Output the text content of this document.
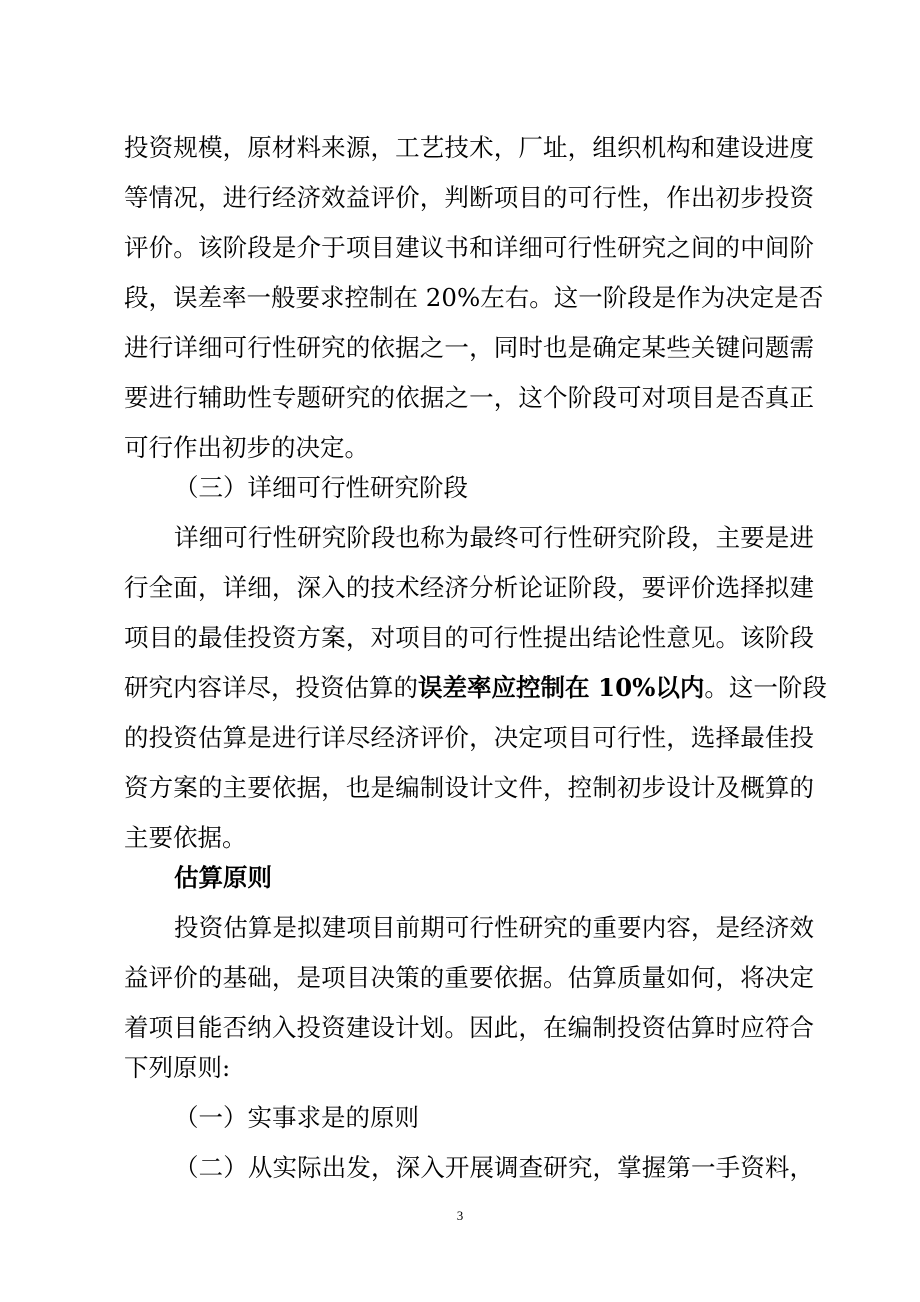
投资规模，原材料来源，工艺技术，厂址，组织机构和建设进度
等情况，进行经济效益评价，判断项目的可行性，作出初步投资
评价。该阶段是介于项目建议书和详细可行性研究之间的中间阶
段，误差率一般要求控制在 20%左右。这一阶段是作为决定是否
进行详细可行性研究的依据之一，同时也是确定某些关键问题需
要进行辅助性专题研究的依据之一，这个阶段可对项目是否真正
可行作出初步的决定。
（三）详细可行性研究阶段
详细可行性研究阶段也称为最终可行性研究阶段，主要是进
行全面，详细，深入的技术经济分析论证阶段，要评价选择拟建
项目的最佳投资方案，对项目的可行性提出结论性意见。该阶段
研究内容详尽，投资估算的误差率应控制在 10%以内。这一阶段
的投资估算是进行详尽经济评价，决定项目可行性，选择最佳投
资方案的主要依据，也是编制设计文件，控制初步设计及概算的
主要依据。
估算原则
投资估算是拟建项目前期可行性研究的重要内容，是经济效
益评价的基础，是项目决策的重要依据。估算质量如何，将决定
着项目能否纳入投资建设计划。因此，在编制投资估算时应符合
下列原则:
（一）实事求是的原则
（二）从实际出发，深入开展调查研究，掌握第一手资料，
3
